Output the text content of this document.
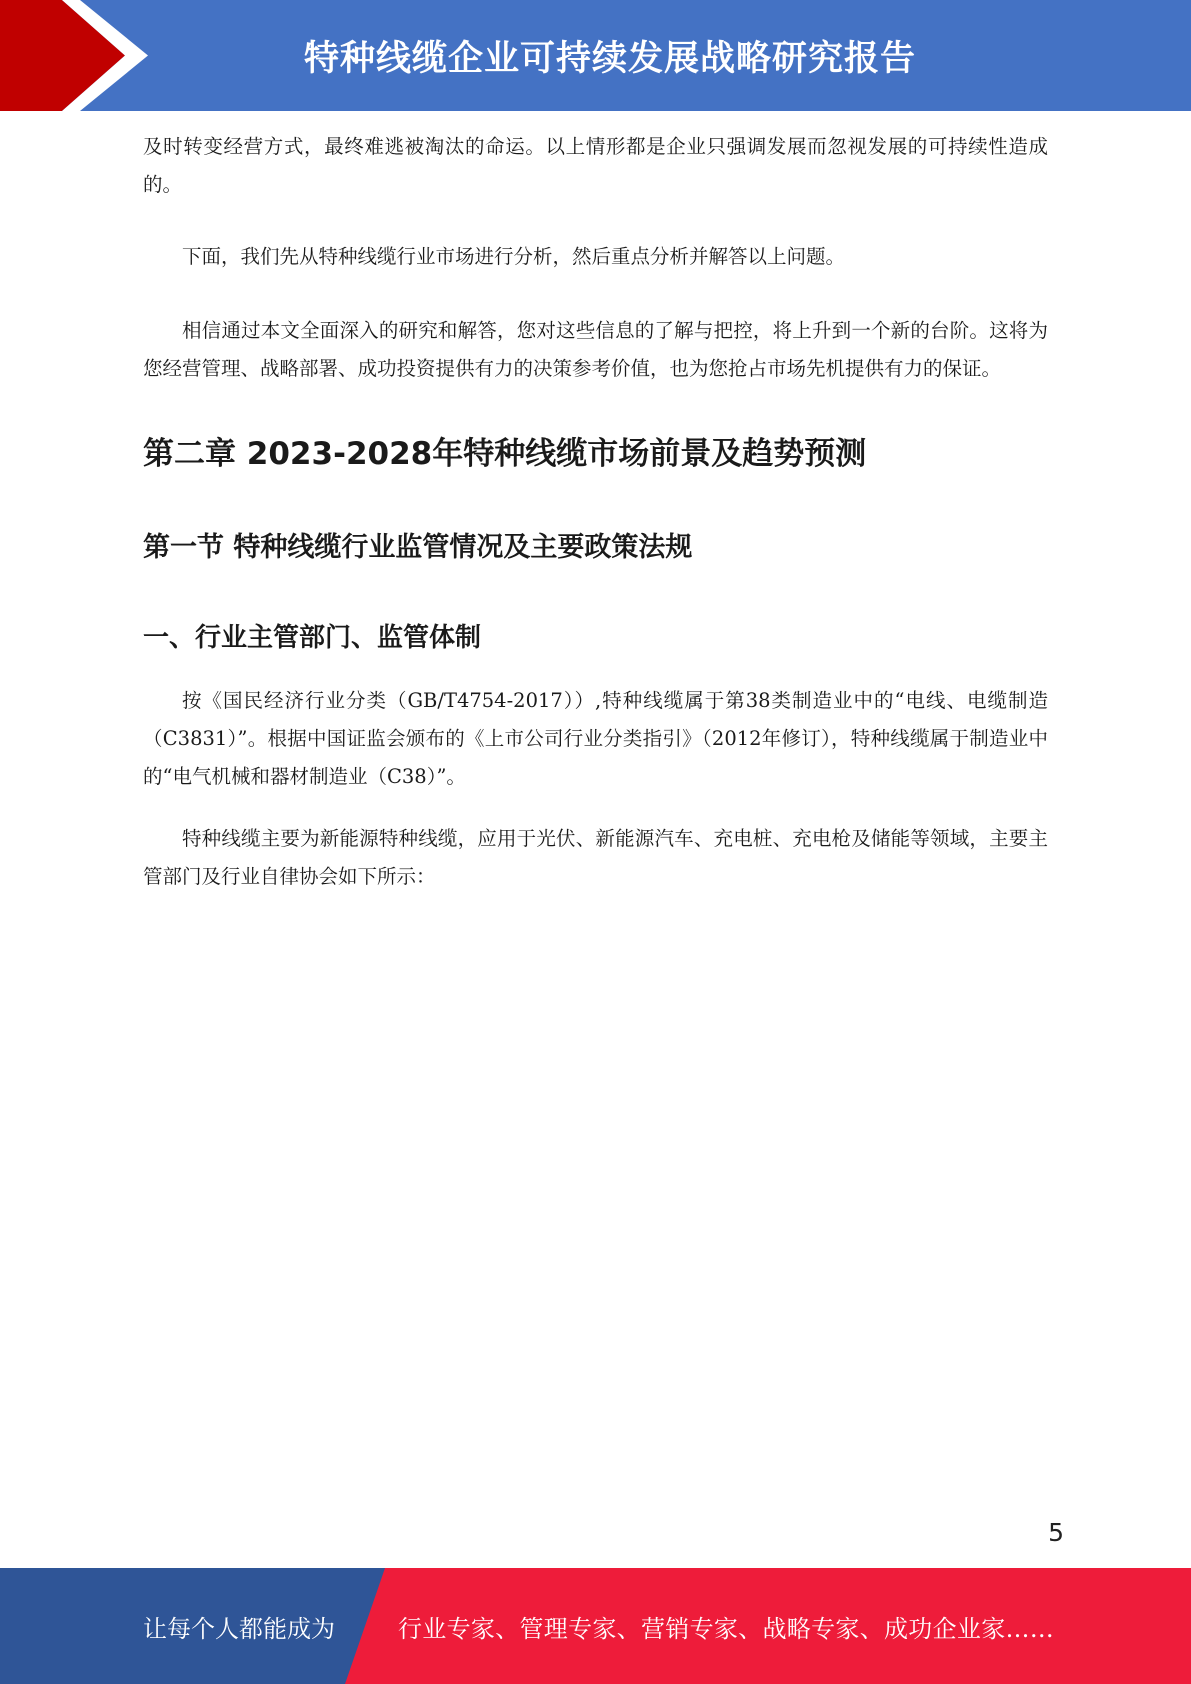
特种线缆企业可持续发展战略研究报告

及时转变经营方式，最终难逃被淘汰的命运。以上情形都是企业只强调发展而忽视发展的可持续性造成的。

下面，我们先从特种线缆行业市场进行分析，然后重点分析并解答以上问题。

相信通过本文全面深入的研究和解答，您对这些信息的了解与把控，将上升到一个新的台阶。这将为您经营管理、战略部署、成功投资提供有力的决策参考价值，也为您抢占市场先机提供有力的保证。

第二章 2023-2028年特种线缆市场前景及趋势预测
第一节 特种线缆行业监管情况及主要政策法规
一、行业主管部门、监管体制

按《国民经济行业分类（GB/T4754-2017））,特种线缆属于第38类制造业中的“电线、电缆制造（C3831）”。根据中国证监会颁布的《上市公司行业分类指引》（2012年修订），特种线缆属于制造业中的“电气机械和器材制造业（C38）”。

特种线缆主要为新能源特种线缆，应用于光伏、新能源汽车、充电桩、充电枪及储能等领域，主要主管部门及行业自律协会如下所示：

5
让每个人都能成为	行业专家、管理专家、营销专家、战略专家、成功企业家……
